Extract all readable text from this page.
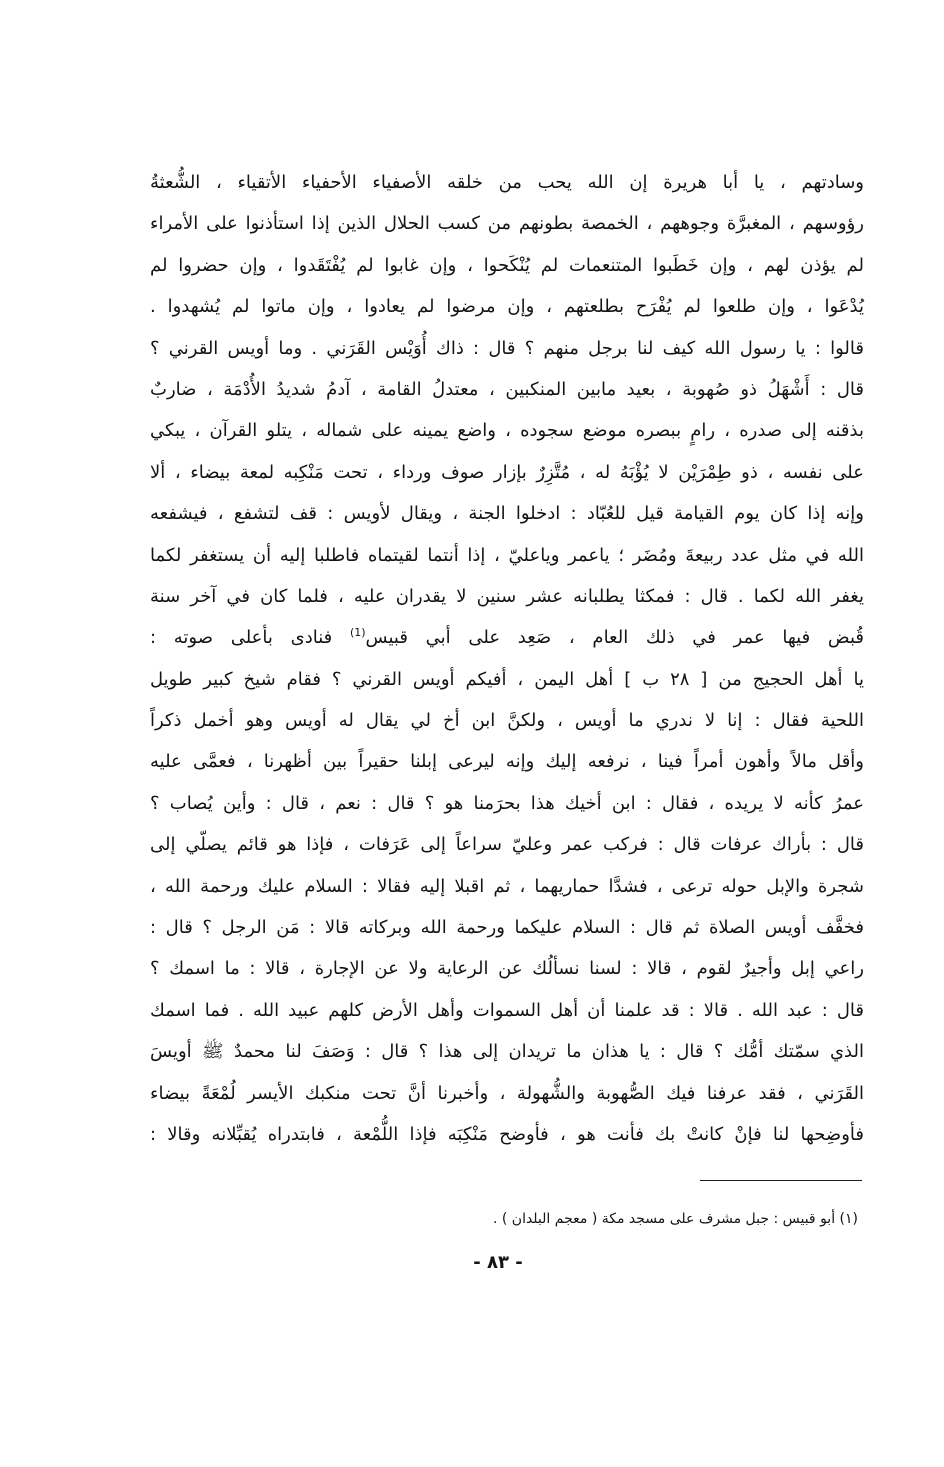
وسادتهم ، يا أبا هريرة إن الله يحب من خلقه الأصفياء الأحفياء الأتقياء ، الشُّعثةُ
رؤوسهم ، المغبرَّة وجوههم ، الخمصة بطونهم من كسب الحلال الذين إذا استأذنوا على الأمراء
لم يؤذن لهم ، وإن خَطَبوا المتنعمات لم يُنْكَحوا ، وإن غابوا لم يُفْتَقَدوا ، وإن حضروا لم
يُدْعَوا ، وإن طلعوا لم يُفْرَح بطلعتهم ، وإن مرضوا لم يعادوا ، وإن ماتوا لم يُشهدوا .
قالوا : يا رسول الله كيف لنا برجل منهم ؟ قال : ذاك أُوَيْس القَرَني . وما أويس القرني ؟
قال : أَشْهَلُ ذو صُهوبة ، بعيد مابين المنكبين ، معتدلُ القامة ، آدمُ شديدُ الأُدْمَة ، ضاربٌ
بذقنه إلى صدره ، رامٍ ببصره موضع سجوده ، واضع يمينه على شماله ، يتلو القرآن ، يبكي
على نفسه ، ذو طِمْرَيْن لا يُؤْبَهُ له ، مُتَّزِرٌ بإزار صوف ورداء ، تحت مَنْكِبه لمعة بيضاء ، ألا
وإنه إذا كان يوم القيامة قيل للعُبّاد : ادخلوا الجنة ، ويقال لأويس : قف لتشفع ، فيشفعه
الله في مثل عدد ربيعةَ ومُضَر ؛ ياعمر وياعليّ ، إذا أنتما لقيتماه فاطلبا إليه أن يستغفر لكما
يغفر الله لكما . قال : فمكثا يطلبانه عشر سنين لا يقدران عليه ، فلما كان في آخر سنة
قُبض فيها عمر في ذلك العام ، صَعِد على أبي قبيس$^{(1)}$ فنادى بأعلى صوته :
يا أهل الحجيج من [ ٢٨ ب ] أهل اليمن ، أفيكم أويس القرني ؟ فقام شيخ كبير طويل
اللحية فقال : إنا لا ندري ما أويس ، ولكنَّ ابن أخ لي يقال له أويس وهو أخمل ذكراً
وأقل مالاً وأهون أمراً فينا ، نرفعه إليك وإنه ليرعى إبلنا حقيراً بين أظهرنا ، فعمَّى عليه
عمرُ كأنه لا يريده ، فقال : ابن أخيك هذا بحرَمنا هو ؟ قال : نعم ، قال : وأين يُصاب ؟
قال : بأراك عرفات قال : فركب عمر وعليّ سراعاً إلى عَرَفات ، فإذا هو قائم يصلّي إلى
شجرة والإبل حوله ترعى ، فشدَّا حماريهما ، ثم اقبلا إليه فقالا : السلام عليك ورحمة الله ،
فخفَّف أويس الصلاة ثم قال : السلام عليكما ورحمة الله وبركاته قالا : مَن الرجل ؟ قال :
راعي إبل وأجيرٌ لقوم ، قالا : لسنا نسألُك عن الرعاية ولا عن الإجارة ، قالا : ما اسمك ؟
قال : عبد الله . قالا : قد علمنا أن أهل السموات وأهل الأرض كلهم عبيد الله . فما اسمك
الذي سمّتك أمُّك ؟ قال : يا هذان ما تريدان إلى هذا ؟ قال : وَصَفَ لنا محمدٌ ﷺ أويسَ
القَرَني ، فقد عرفنا فيك الصُّهوبة والشُّهولة ، وأخبرنا أنَّ تحت منكبك الأيسر لُمْعَةً بيضاء
فأوضِحها لنا فإنْ كانتْ بك فأنت هو ، فأوضح مَنْكِبَه فإذا اللُّمْعة ، فابتدراه يُقبِّلانه وقالا :
(١) أبو قبيس : جبل مشرف على مسجد مكة ( معجم البلدان ) .
- ٨٣ -
